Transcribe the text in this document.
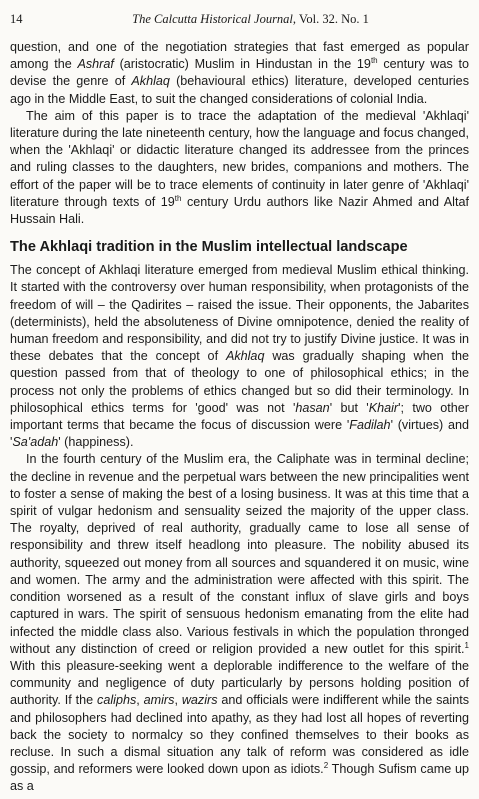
14	The Calcutta Historical Journal, Vol. 32. No. 1

question, and one of the negotiation strategies that fast emerged as popular among the Ashraf (aristocratic) Muslim in Hindustan in the 19th century was to devise the genre of Akhlaq (behavioural ethics) literature, developed centuries ago in the Middle East, to suit the changed considerations of colonial India.

The aim of this paper is to trace the adaptation of the medieval 'Akhlaqi' literature during the late nineteenth century, how the language and focus changed, when the 'Akhlaqi' or didactic literature changed its addressee from the princes and ruling classes to the daughters, new brides, companions and mothers. The effort of the paper will be to trace elements of continuity in later genre of 'Akhlaqi' literature through texts of 19th century Urdu authors like Nazir Ahmed and Altaf Hussain Hali.

The Akhlaqi tradition in the Muslim intellectual landscape

The concept of Akhlaqi literature emerged from medieval Muslim ethical thinking. It started with the controversy over human responsibility, when protagonists of the freedom of will – the Qadirites – raised the issue. Their opponents, the Jabarites (determinists), held the absoluteness of Divine omnipotence, denied the reality of human freedom and responsibility, and did not try to justify Divine justice. It was in these debates that the concept of Akhlaq was gradually shaping when the question passed from that of theology to one of philosophical ethics; in the process not only the problems of ethics changed but so did their terminology. In philosophical ethics terms for 'good' was not 'hasan' but 'Khair'; two other important terms that became the focus of discussion were 'Fadilah' (virtues) and 'Sa'adah' (happiness).

In the fourth century of the Muslim era, the Caliphate was in terminal decline; the decline in revenue and the perpetual wars between the new principalities went to foster a sense of making the best of a losing business. It was at this time that a spirit of vulgar hedonism and sensuality seized the majority of the upper class. The royalty, deprived of real authority, gradually came to lose all sense of responsibility and threw itself headlong into pleasure. The nobility abused its authority, squeezed out money from all sources and squandered it on music, wine and women. The army and the administration were affected with this spirit. The condition worsened as a result of the constant influx of slave girls and boys captured in wars. The spirit of sensuous hedonism emanating from the elite had infected the middle class also. Various festivals in which the population thronged without any distinction of creed or religion provided a new outlet for this spirit.$^1$ With this pleasure-seeking went a deplorable indifference to the welfare of the community and negligence of duty particularly by persons holding position of authority. If the caliphs, amirs, wazirs and officials were indifferent while the saints and philosophers had declined into apathy, as they had lost all hopes of reverting back the society to normalcy so they confined themselves to their books as recluse. In such a dismal situation any talk of reform was considered as idle gossip, and reformers were looked down upon as idiots.$^2$ Though Sufism came up as a
